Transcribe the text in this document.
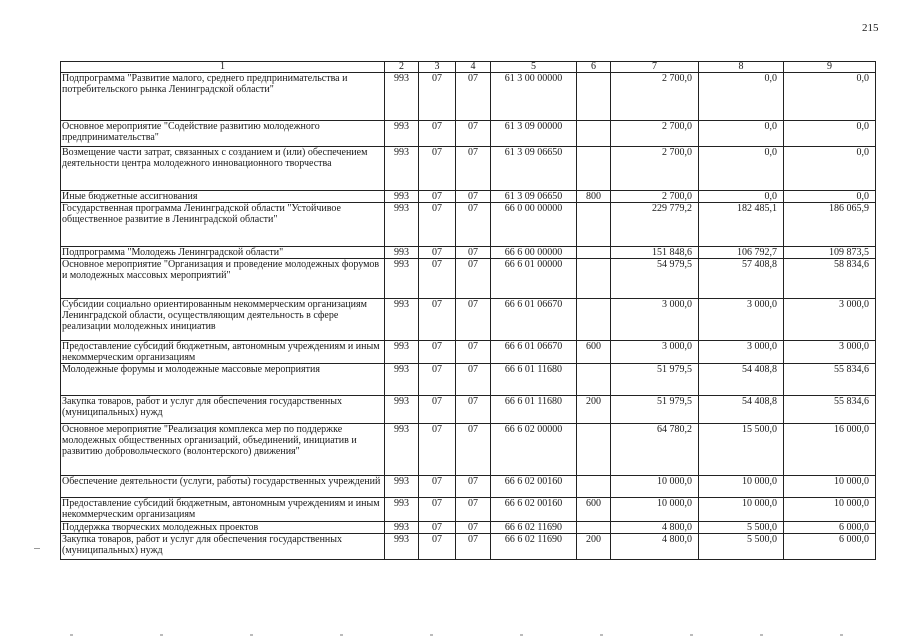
215
1	2	3	4	5	6	7	8	9
Подпрограмма "Развитие малого, среднего предпринимательства и потребительского рынка Ленинградской области"	993	07	07	61 3 00 00000		2 700,0	0,0	0,0
Основное мероприятие "Содействие развитию молодежного предпринимательства"	993	07	07	61 3 09 00000		2 700,0	0,0	0,0
Возмещение части затрат, связанных с созданием и (или) обеспечением деятельности центра молодежного инновационного творчества	993	07	07	61 3 09 06650		2 700,0	0,0	0,0
Иные бюджетные ассигнования	993	07	07	61 3 09 06650	800	2 700,0	0,0	0,0
Государственная программа Ленинградской области "Устойчивое общественное развитие в Ленинградской области"	993	07	07	66 0 00 00000		229 779,2	182 485,1	186 065,9
Подпрограмма "Молодежь Ленинградской области"	993	07	07	66 6 00 00000		151 848,6	106 792,7	109 873,5
Основное мероприятие "Организация и проведение молодежных форумов и молодежных массовых мероприятий"	993	07	07	66 6 01 00000		54 979,5	57 408,8	58 834,6
Субсидии социально ориентированным некоммерческим организациям Ленинградской области, осуществляющим деятельность в сфере реализации молодежных инициатив	993	07	07	66 6 01 06670		3 000,0	3 000,0	3 000,0
Предоставление субсидий бюджетным, автономным учреждениям и иным некоммерческим организациям	993	07	07	66 6 01 06670	600	3 000,0	3 000,0	3 000,0
Молодежные форумы и молодежные массовые мероприятия	993	07	07	66 6 01 11680		51 979,5	54 408,8	55 834,6
Закупка товаров, работ и услуг для обеспечения государственных (муниципальных) нужд	993	07	07	66 6 01 11680	200	51 979,5	54 408,8	55 834,6
Основное мероприятие "Реализация комплекса мер по поддержке молодежных общественных организаций, объединений, инициатив и развитию добровольческого (волонтерского) движения"	993	07	07	66 6 02 00000		64 780,2	15 500,0	16 000,0
Обеспечение деятельности (услуги, работы) государственных учреждений	993	07	07	66 6 02 00160		10 000,0	10 000,0	10 000,0
Предоставление субсидий бюджетным, автономным учреждениям и иным некоммерческим организациям	993	07	07	66 6 02 00160	600	10 000,0	10 000,0	10 000,0
Поддержка творческих молодежных проектов	993	07	07	66 6 02 11690		4 800,0	5 500,0	6 000,0
Закупка товаров, работ и услуг для обеспечения государственных (муниципальных) нужд	993	07	07	66 6 02 11690	200	4 800,0	5 500,0	6 000,0
